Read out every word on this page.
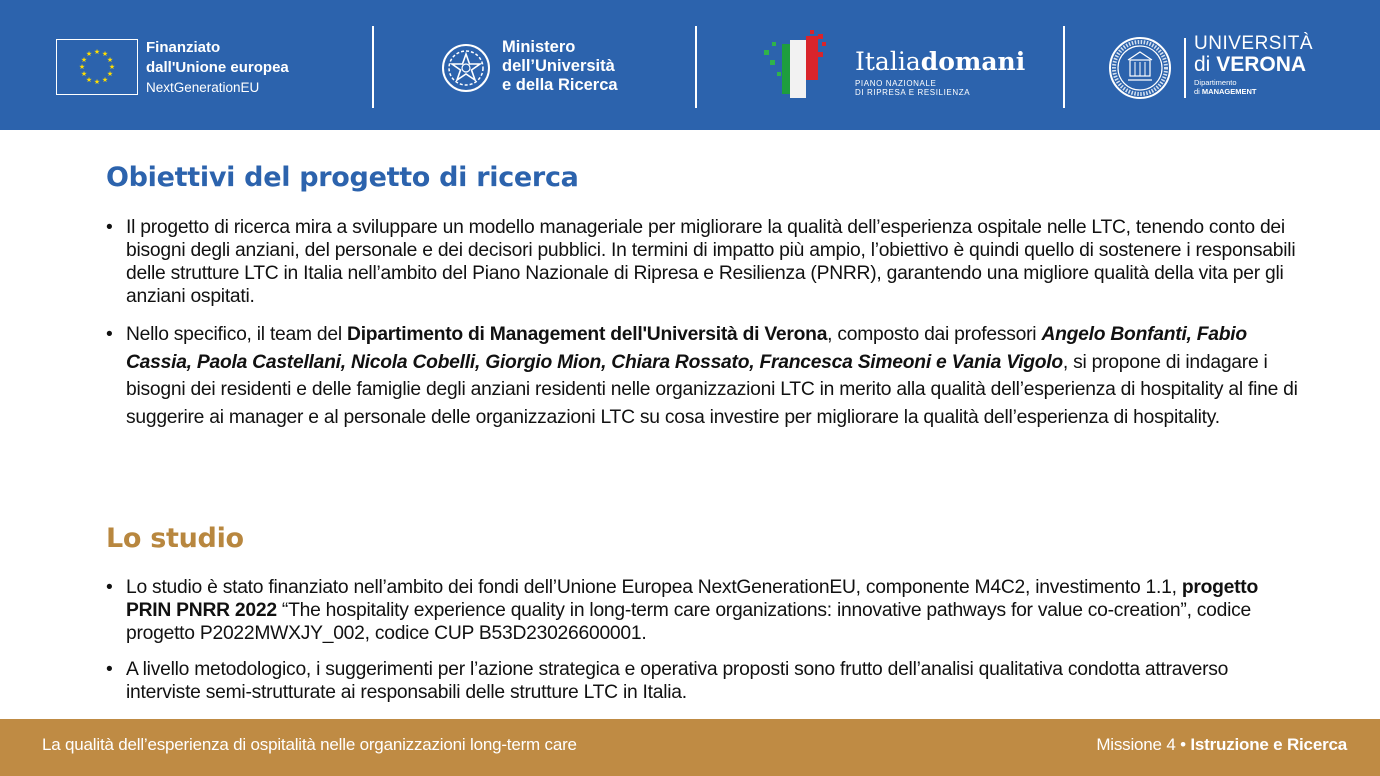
★ ★
★
★
★
★
★
★
★
★
★
★	Finanziato
dall'Unione europea
NextGenerationEU
Ministero
dell’Università
e della Ricerca
Italiadomani
PIANO NAZIONALE
DI RIPRESA E RESILIENZA
UNIVERSITÀ
di VERONA
Dipartimento
di MANAGEMENT
Obiettivi del progetto di ricerca
• Il progetto di ricerca mira a sviluppare un modello manageriale per migliorare la qualità dell’esperienza ospitale nelle LTC, tenendo conto dei bisogni degli anziani, del personale e dei decisori pubblici. In termini di impatto più ampio, l’obiettivo è quindi quello di sostenere i responsabili delle strutture LTC in Italia nell’ambito del Piano Nazionale di Ripresa e Resilienza (PNRR), garantendo una migliore qualità della vita per gli anziani ospitati.
• Nello specifico, il team del Dipartimento di Management dell'Università di Verona, composto dai professori Angelo Bonfanti, Fabio Cassia, Paola Castellani, Nicola Cobelli, Giorgio Mion, Chiara Rossato, Francesca Simeoni e Vania Vigolo, si propone di indagare i bisogni dei residenti e delle famiglie degli anziani residenti nelle organizzazioni LTC in merito alla qualità dell’esperienza di hospitality al fine di suggerire ai manager e al personale delle organizzazioni LTC su cosa investire per migliorare la qualità dell’esperienza di hospitality.
Lo studio
• Lo studio è stato finanziato nell’ambito dei fondi dell’Unione Europea NextGenerationEU, componente M4C2, investimento 1.1, progetto PRIN PNRR 2022 “The hospitality experience quality in long-term care organizations: innovative pathways for value co-creation”, codice progetto P2022MWXJY_002, codice CUP B53D23026600001.
• A livello metodologico, i suggerimenti per l’azione strategica e operativa proposti sono frutto dell’analisi qualitativa condotta attraverso interviste semi-strutturate ai responsabili delle strutture LTC in Italia.
La qualità dell’esperienza di ospitalità nelle organizzazioni long-term care	Missione 4 • Istruzione e Ricerca
